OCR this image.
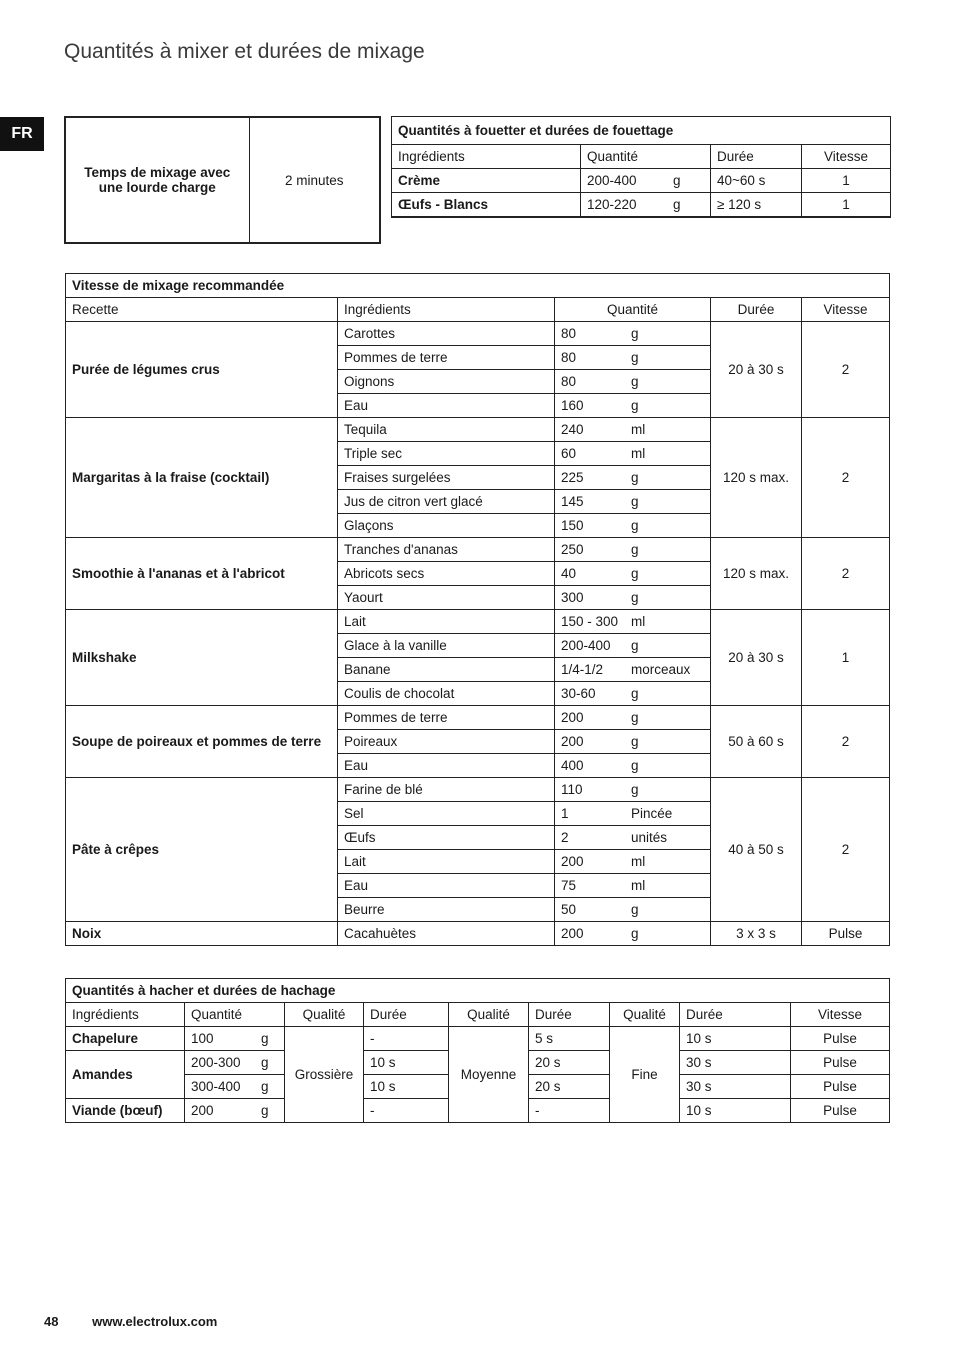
Quantités à mixer et durées de mixage
FR
Temps de mixage avec une lourde charge	2 minutes
Quantités à fouetter et durées de fouettage			
Ingrédients	Quantité	Durée	Vitesse
Crème	200-400 g	40~60 s	1
Œufs - Blancs	120-220 g	≥ 120 s	1
Vitesse de mixage recommandée				
Recette	Ingrédients	Quantité	Durée	Vitesse
Purée de légumes crus	Carottes	80 g	20 à 30 s	2
	Pommes de terre	80 g		

	Oignons	80 g		

	Eau	160 g		

Margaritas à la fraise (cocktail)	Tequila	240 ml	120 s max.	2
	Triple sec	60 ml		

	Fraises surgelées	225 g		

	Jus de citron vert glacé	145 g		

	Glaçons	150 g		

Smoothie à l'ananas et à l'abricot	Tranches d'ananas	250 g	120 s max.	2
	Abricots secs	40 g		

	Yaourt	300 g		

Milkshake	Lait	150 - 300 ml	20 à 30 s	1
	Glace à la vanille	200-400 g		

	Banane	1/4-1/2 morceaux		

	Coulis de chocolat	30-60 g		

Soupe de poireaux et pommes de terre	Pommes de terre	200 g	50 à 60 s	2
	Poireaux	200 g		

	Eau	400 g		

Pâte à crêpes	Farine de blé	110 g	40 à 50 s	2
	Sel	1 Pincée		

	Œufs	2 unités		

	Lait	200 ml		

	Eau	75 ml		

	Beurre	50 g		

Noix	Cacahuètes	200 g	3 x 3 s	Pulse
Quantités à hacher et durées de hachage								
Ingrédients	Quantité	Qualité	Durée	Qualité	Durée	Qualité	Durée	Vitesse
Chapelure	100 g	Grossière	-	Moyenne	5 s	Fine	10 s	Pulse
Amandes	200-300 g		10 s		20 s		30 s	Pulse

	300-400 g		10 s		20 s		30 s	Pulse
Viande (bœuf)	200 g		-		-		10 s	Pulse
48	www.electrolux.com
